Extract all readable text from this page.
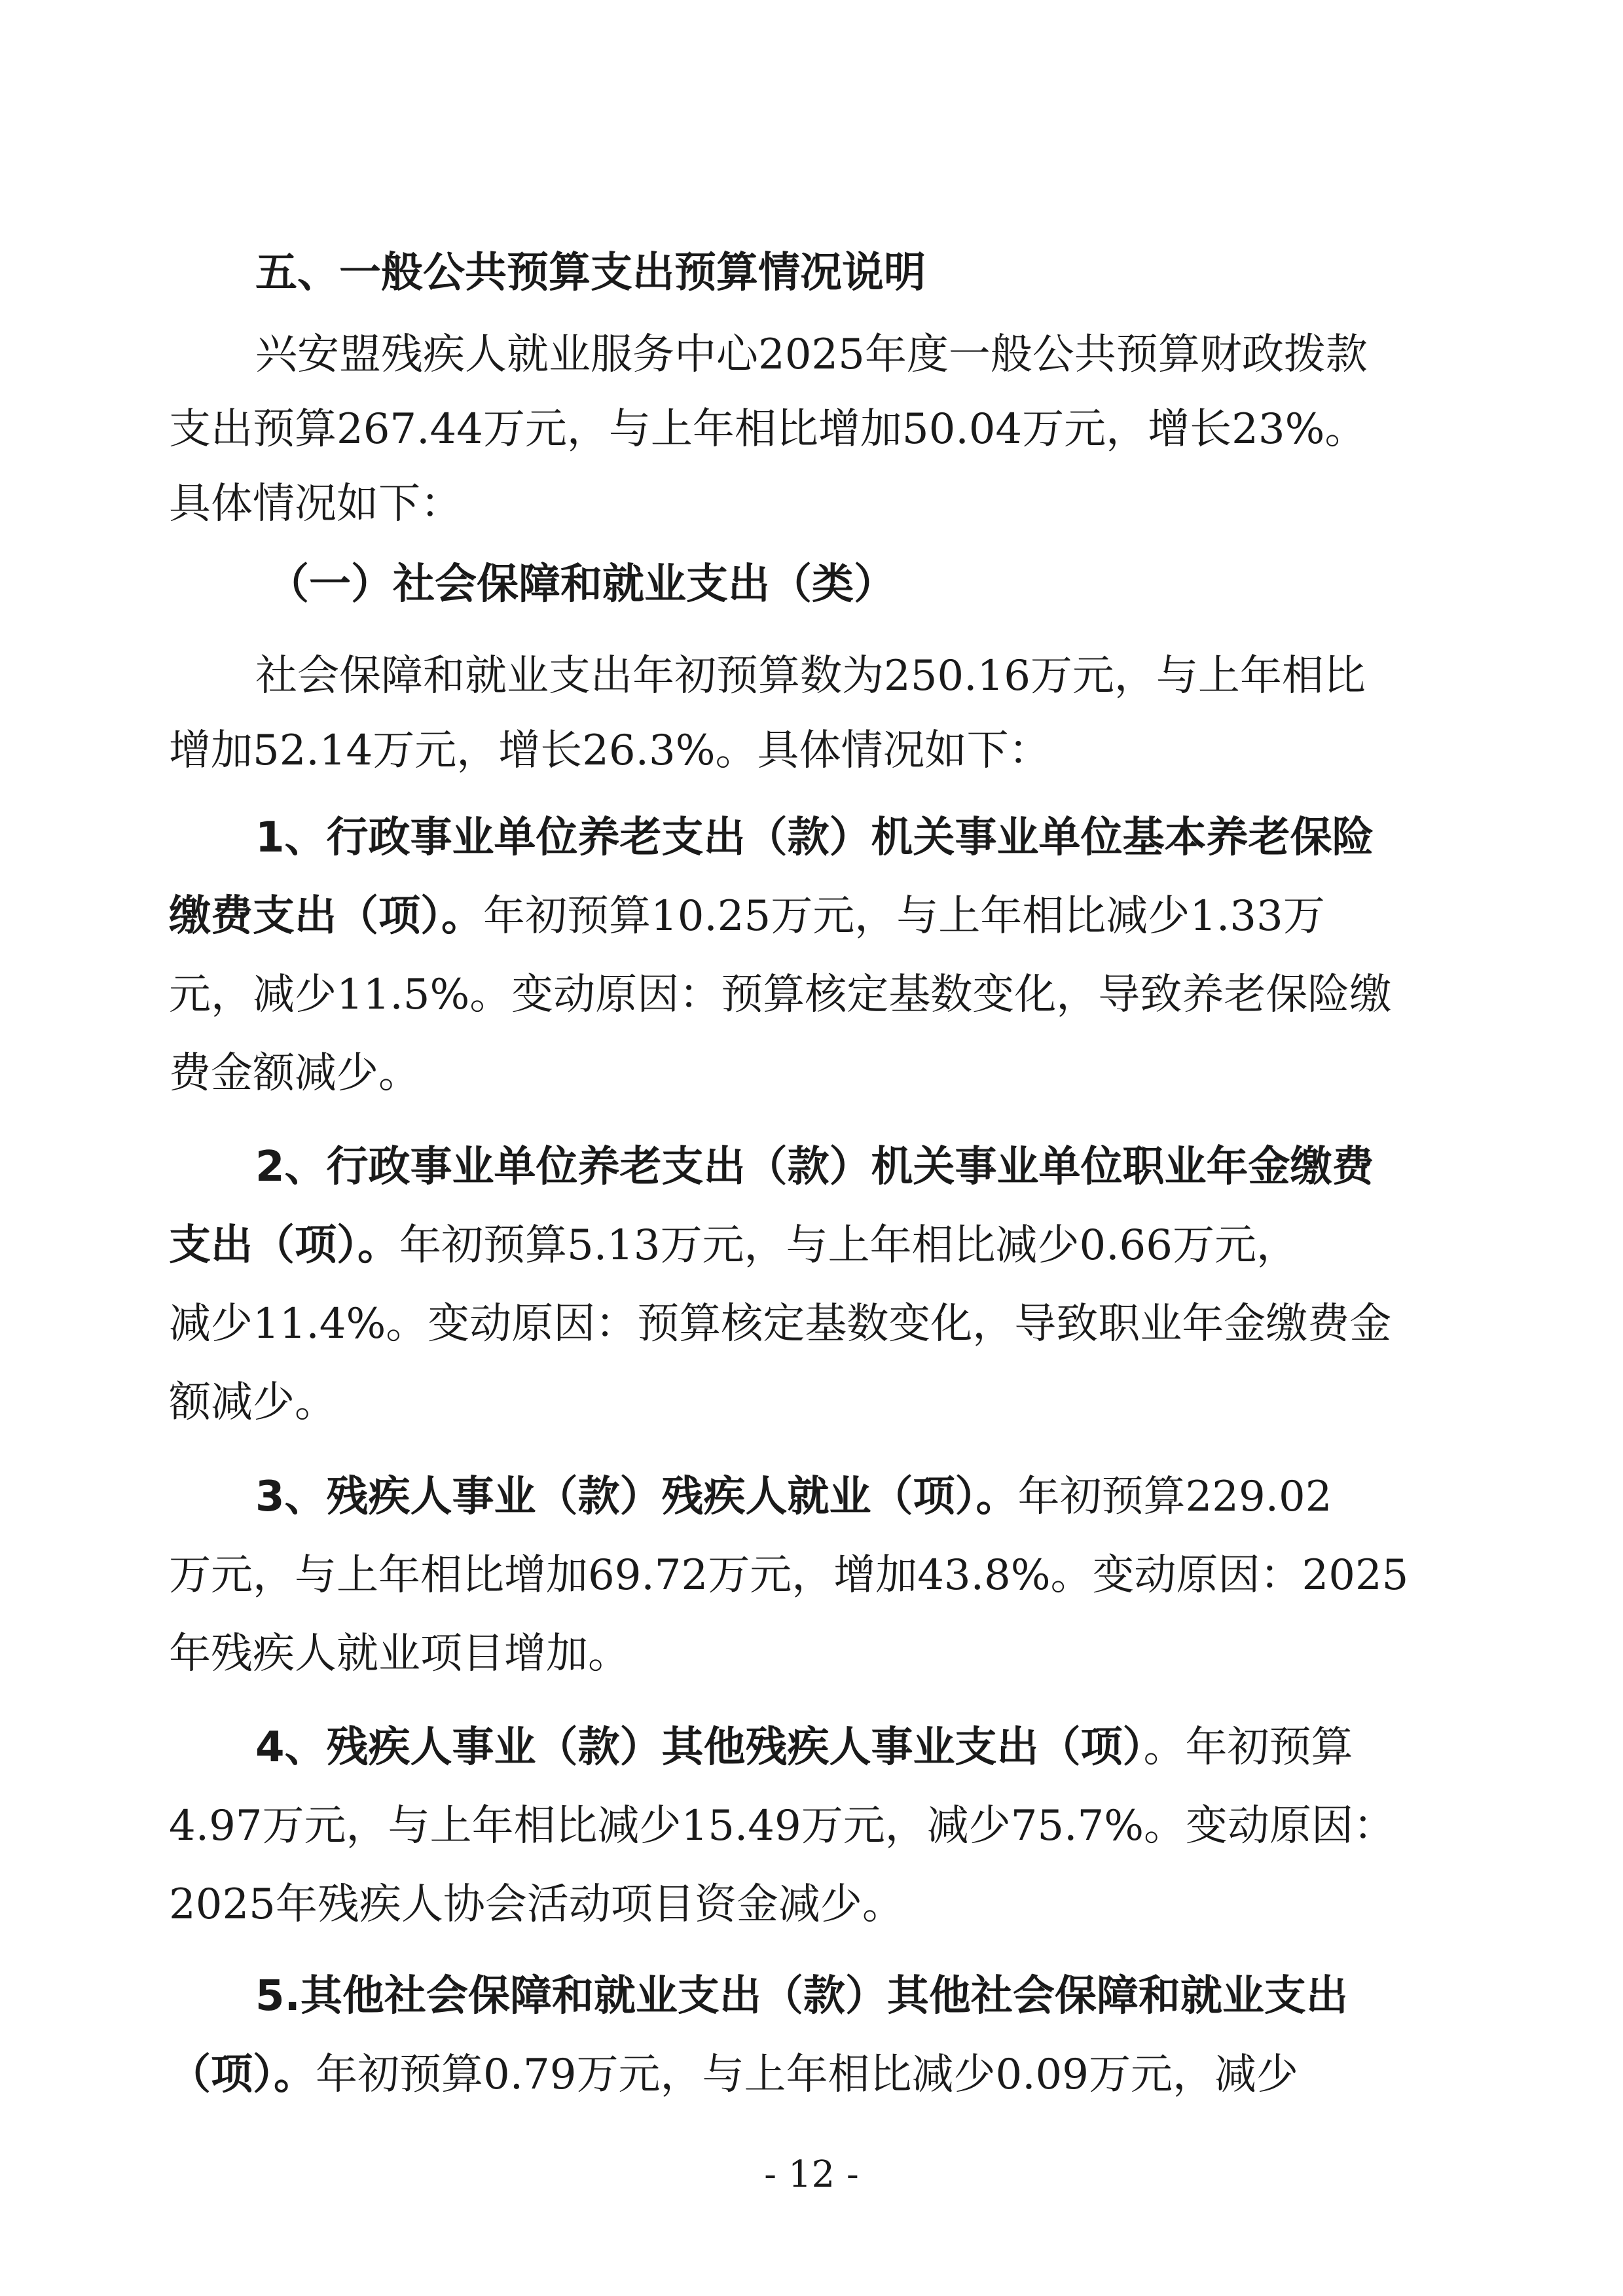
五、一般公共预算支出预算情况说明
兴安盟残疾人就业服务中心2025年度一般公共预算财政拨款
支出预算267.44万元，与上年相比增加50.04万元，增长23%。
具体情况如下：
（一）社会保障和就业支出（类）
社会保障和就业支出年初预算数为250.16万元，与上年相比
增加52.14万元，增长26.3%。具体情况如下：
1、行政事业单位养老支出（款）机关事业单位基本养老保险
缴费支出（项）。年初预算10.25万元，与上年相比减少1.33万
元，减少11.5%。变动原因：预算核定基数变化，导致养老保险缴
费金额减少。
2、行政事业单位养老支出（款）机关事业单位职业年金缴费
支出（项）。年初预算5.13万元，与上年相比减少0.66万元，
减少11.4%。变动原因：预算核定基数变化，导致职业年金缴费金
额减少。
3、残疾人事业（款）残疾人就业（项）。年初预算229.02
万元，与上年相比增加69.72万元，增加43.8%。变动原因：2025
年残疾人就业项目增加。
4、残疾人事业（款）其他残疾人事业支出（项）。年初预算
4.97万元，与上年相比减少15.49万元，减少75.7%。变动原因：
2025年残疾人协会活动项目资金减少。
5.其他社会保障和就业支出（款）其他社会保障和就业支出
（项）。年初预算0.79万元，与上年相比减少0.09万元，减少
- 12 -
